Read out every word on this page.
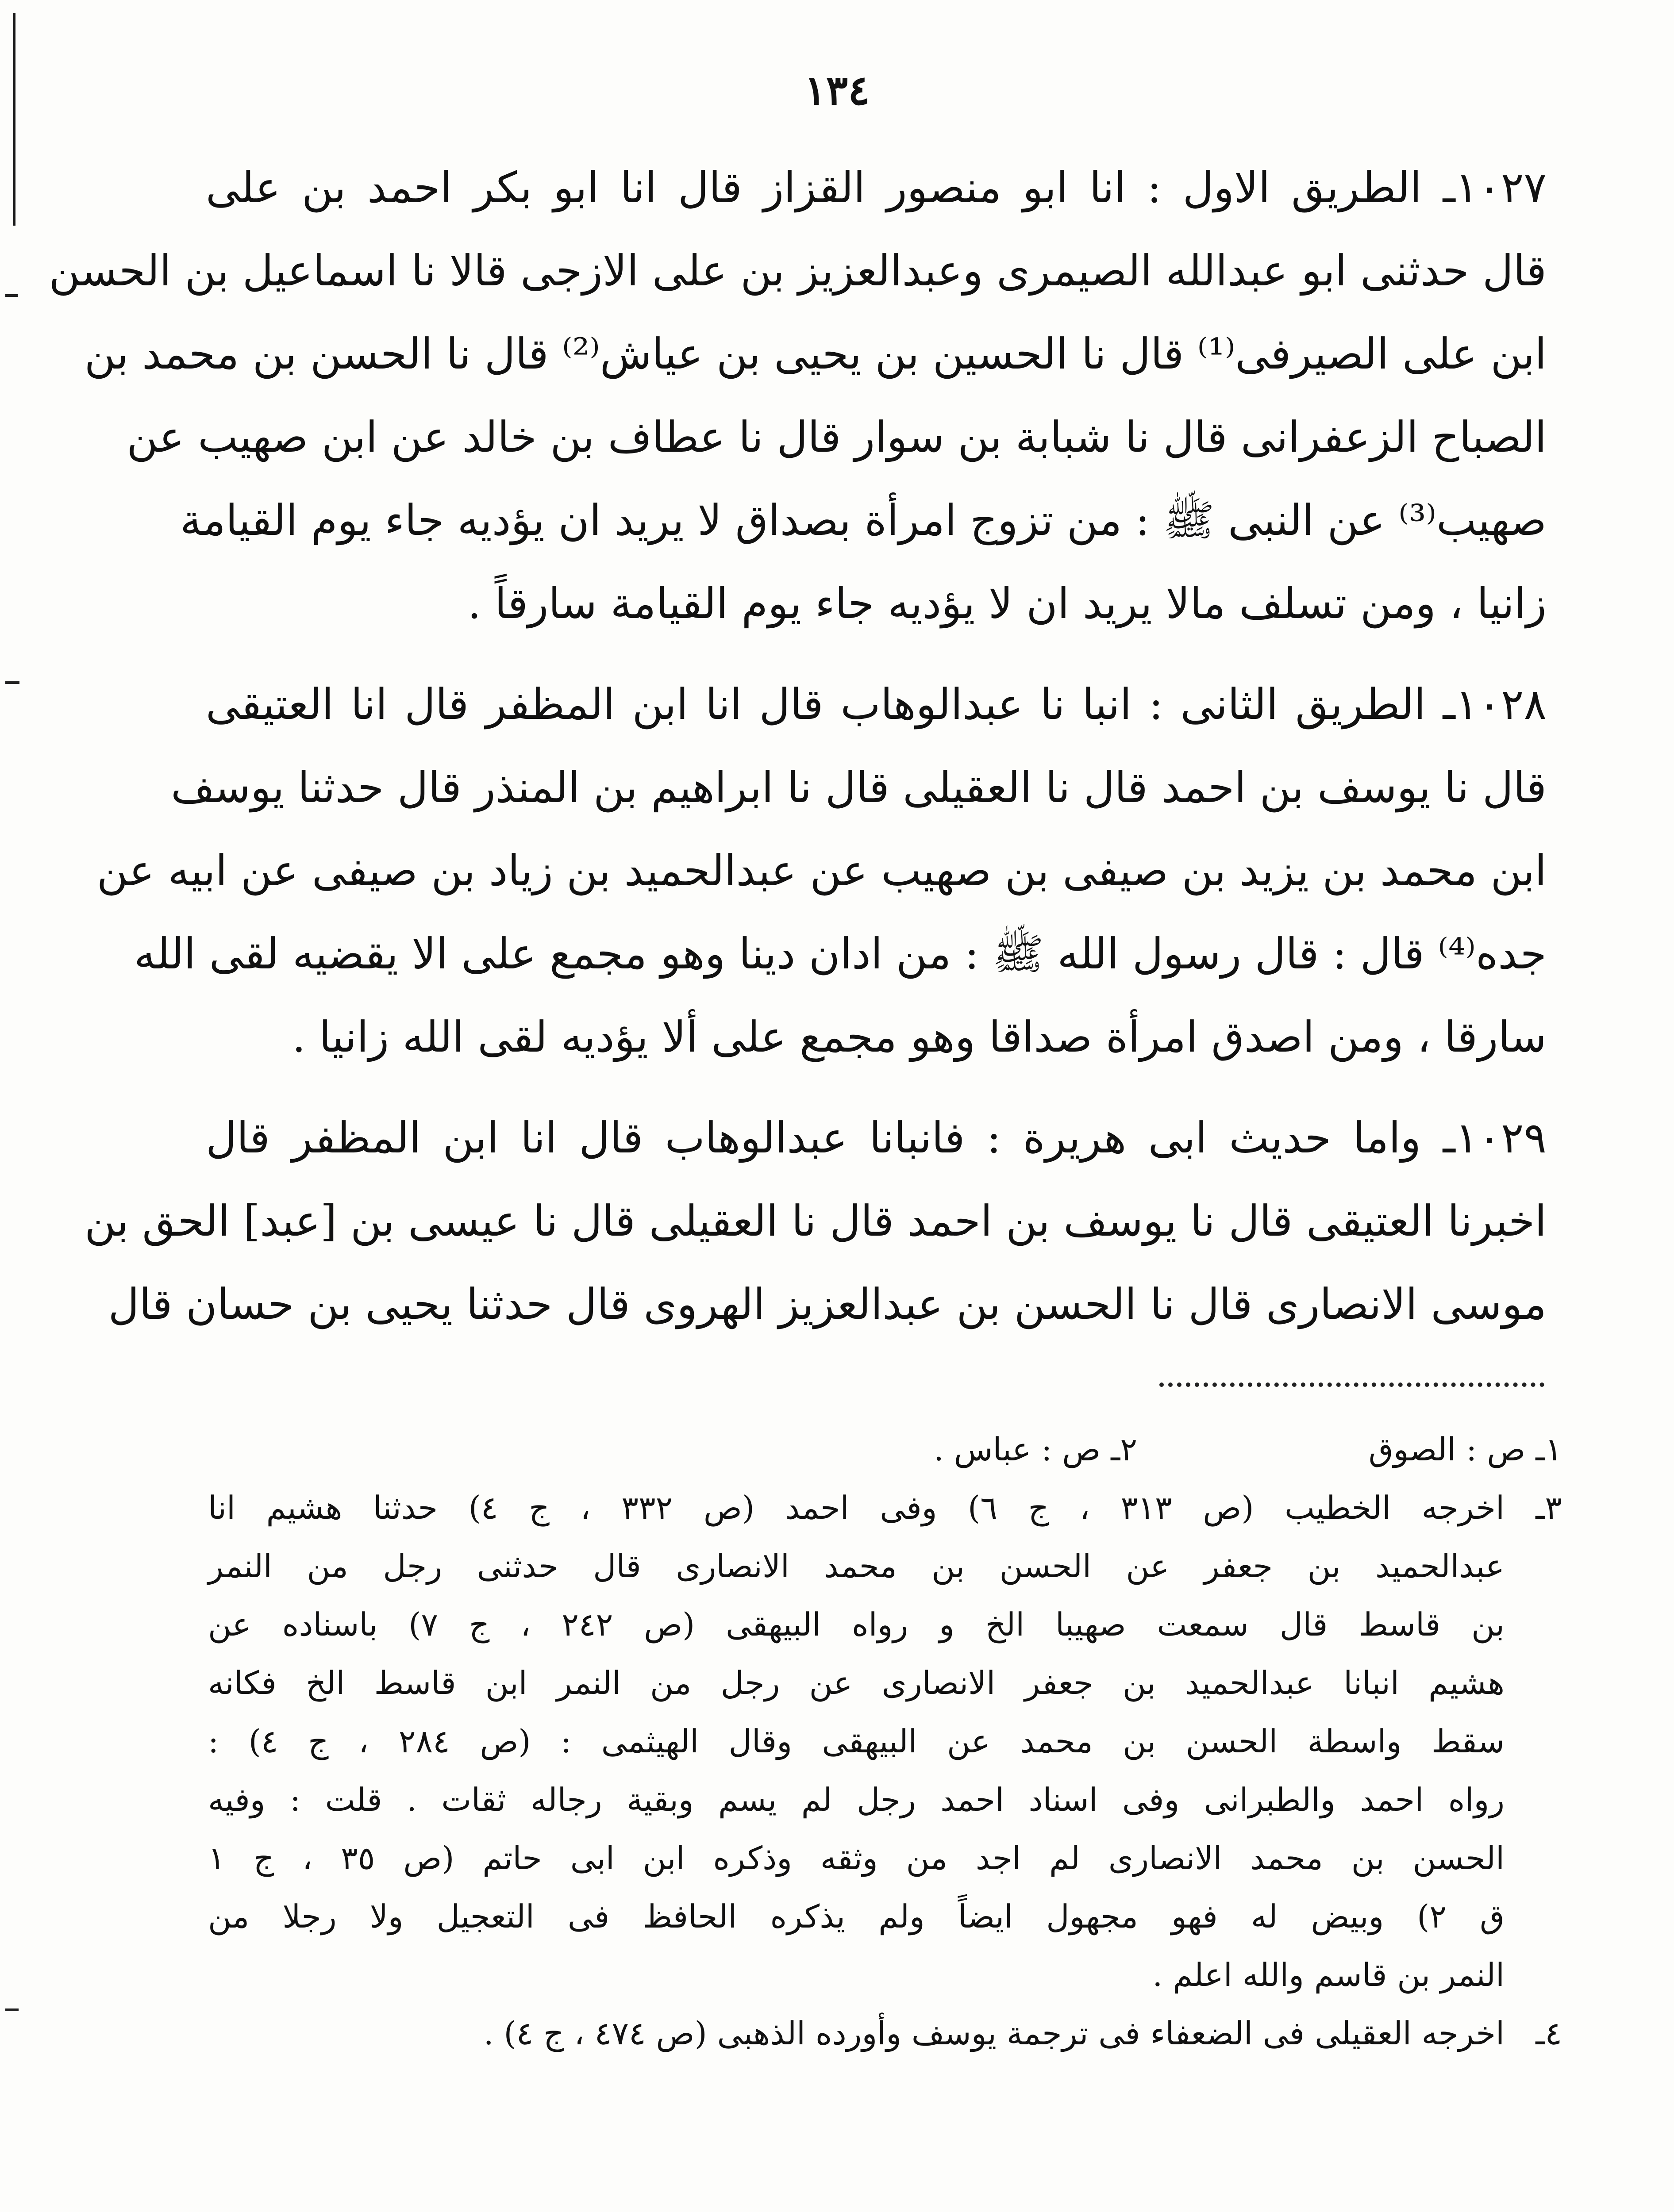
١٣٤
١٠٢٧ـ الطريق الاول : انا ابو منصور القزاز قال انا ابو بكر احمد بن على
قال حدثنى ابو عبدالله الصيمرى وعبدالعزيز بن على الازجى قالا نا اسماعيل بن الحسن
ابن على الصيرفى⁽¹⁾ قال نا الحسين بن يحيى بن عياش⁽²⁾ قال نا الحسن بن محمد بن
الصباح الزعفرانى قال نا شبابة بن سوار قال نا عطاف بن خالد عن ابن صهيب عن
صهيب⁽³⁾ عن النبى ﷺ : من تزوج امرأة بصداق لا يريد ان يؤديه جاء يوم القيامة
زانيا ، ومن تسلف مالا يريد ان لا يؤديه جاء يوم القيامة سارقاً .
١٠٢٨ـ الطريق الثانى : انبا نا عبدالوهاب قال انا ابن المظفر قال انا العتيقى
قال نا يوسف بن احمد قال نا العقيلى قال نا ابراهيم بن المنذر قال حدثنا يوسف
ابن محمد بن يزيد بن صيفى بن صهيب عن عبدالحميد بن زياد بن صيفى عن ابيه عن
جده⁽⁴⁾ قال : قال رسول الله ﷺ : من ادان دينا وهو مجمع على الا يقضيه لقى الله
سارقا ، ومن اصدق امرأة صداقا وهو مجمع على ألا يؤديه لقى الله زانيا .
١٠٢٩ـ واما حديث ابى هريرة : فانبانا عبدالوهاب قال انا ابن المظفر قال
اخبرنا العتيقى قال نا يوسف بن احمد قال نا العقيلى قال نا عيسى بن [عبد] الحق بن
موسى الانصارى قال نا الحسن بن عبدالعزيز الهروى قال حدثنا يحيى بن حسان قال
١ـ ص : الصوق
٢ـ ص : عباس .
٣ـ
اخرجه الخطيب (ص ٣١٣ ، ج ٦) وفى احمد (ص ٣٣٢ ، ج ٤) حدثنا هشيم انا
عبدالحميد بن جعفر عن الحسن بن محمد الانصارى قال حدثنى رجل من النمر
بن قاسط قال سمعت صهيبا الخ و رواه البيهقى (ص ٢٤٢ ، ج ٧) باسناده عن
هشيم انبانا عبدالحميد بن جعفر الانصارى عن رجل من النمر ابن قاسط الخ فكانه
سقط واسطة الحسن بن محمد عن البيهقى وقال الهيثمى : (ص ٢٨٤ ، ج ٤) :
رواه احمد والطبرانى وفى اسناد احمد رجل لم يسم وبقية رجاله ثقات . قلت : وفيه
الحسن بن محمد الانصارى لم اجد من وثقه وذكره ابن ابى حاتم (ص ٣٥ ، ج ١
ق ٢) وبيض له فهو مجهول ايضاً ولم يذكره الحافظ فى التعجيل ولا رجلا من
النمر بن قاسم والله اعلم .
٤ـ
اخرجه العقيلى فى الضعفاء فى ترجمة يوسف وأورده الذهبى (ص ٤٧٤ ، ج ٤) .
